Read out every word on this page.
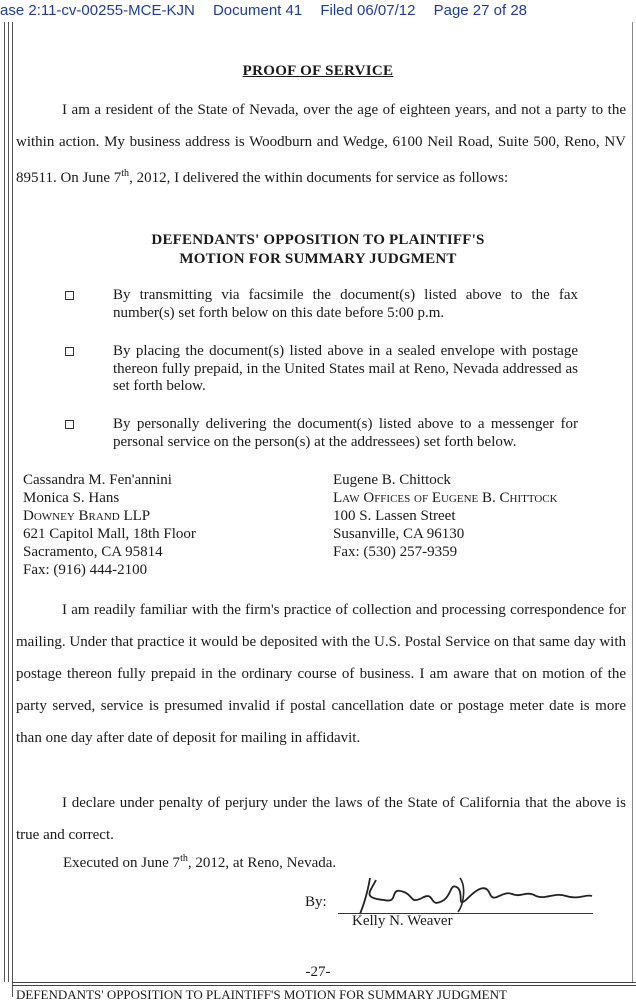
ase 2:11-cv-00255-MCE-KJN Document 41 Filed 06/07/12 Page 27 of 28
PROOF OF SERVICE

I am a resident of the State of Nevada, over the age of eighteen years, and not a party to the within action. My business address is Woodburn and Wedge, 6100 Neil Road, Suite 500, Reno, NV 89511. On June 7th, 2012, I delivered the within documents for service as follows:

DEFENDANTS' OPPOSITION TO PLAINTIFF'S
MOTION FOR SUMMARY JUDGMENT
By transmitting via facsimile the document(s) listed above to the fax number(s) set forth below on this date before 5:00 p.m.
By placing the document(s) listed above in a sealed envelope with postage thereon fully prepaid, in the United States mail at Reno, Nevada addressed as set forth below.
By personally delivering the document(s) listed above to a messenger for personal service on the person(s) at the addressees) set forth below.
Cassandra M. Fen'annini
Monica S. Hans
Downey Brand LLP
621 Capitol Mall, 18th Floor
Sacramento, CA 95814
Fax: (916) 444-2100
Eugene B. Chittock
Law Offices of Eugene B. Chittock
100 S. Lassen Street
Susanville, CA 96130
Fax: (530) 257-9359

I am readily familiar with the firm's practice of collection and processing correspondence for mailing. Under that practice it would be deposited with the U.S. Postal Service on that same day with postage thereon fully prepaid in the ordinary course of business. I am aware that on motion of the party served, service is presumed invalid if postal cancellation date or postage meter date is more than one day after date of deposit for mailing in affidavit.

I declare under penalty of perjury under the laws of the State of California that the above is true and correct.

Executed on June 7th, 2012, at Reno, Nevada.
By:
Kelly N. Weaver
-27-
DEFENDANTS' OPPOSITION TO PLAINTIFF'S MOTION FOR SUMMARY JUDGMENT
